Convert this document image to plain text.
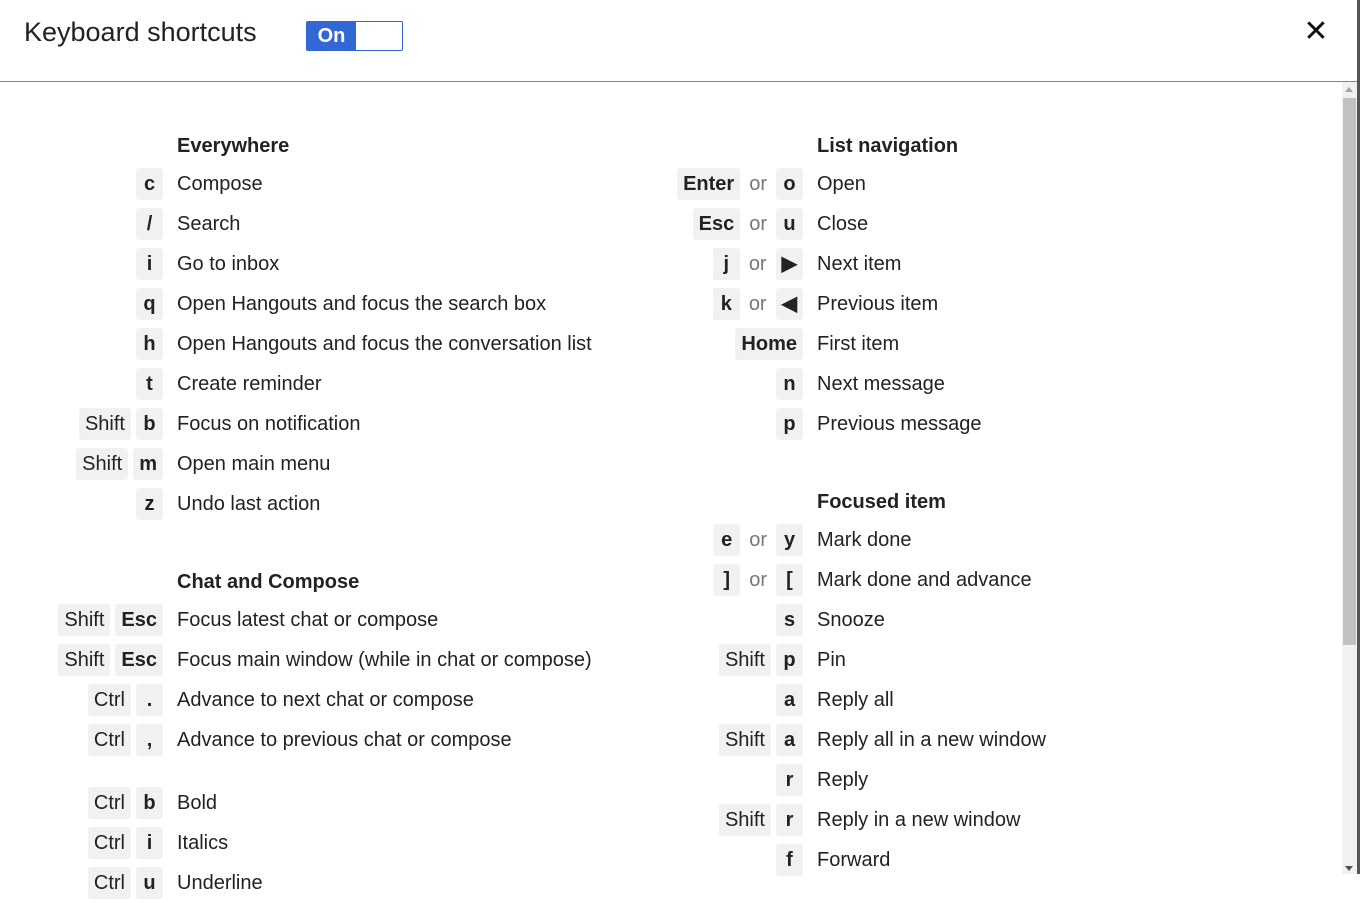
Keyboard shortcuts	On	✕
Everywhere
c	Compose
/	Search
i	Go to inbox
q	Open Hangouts and focus the search box
h	Open Hangouts and focus the conversation list
t	Create reminder
Shift b	Focus on notification
Shift m	Open main menu
z	Undo last action
Chat and Compose
Shift Esc	Focus latest chat or compose
Shift Esc	Focus main window (while in chat or compose)
Ctrl	.	Advance to next chat or compose
Ctrl	,	Advance to previous chat or compose
Ctrl b	Bold
Ctrl	i	Italics
Ctrl u	Underline
List navigation
Enter or o	Open
Esc or u	Close
j or ▶	Next item
k or ◀	Previous item
Home	First item
n	Next message
p	Previous message
Focused item
e or y	Mark done
] or [	Mark done and advance
s	Snooze
Shift p	Pin
a	Reply all
Shift a	Reply all in a new window
r	Reply
Shift	r	Reply in a new window
f	Forward
